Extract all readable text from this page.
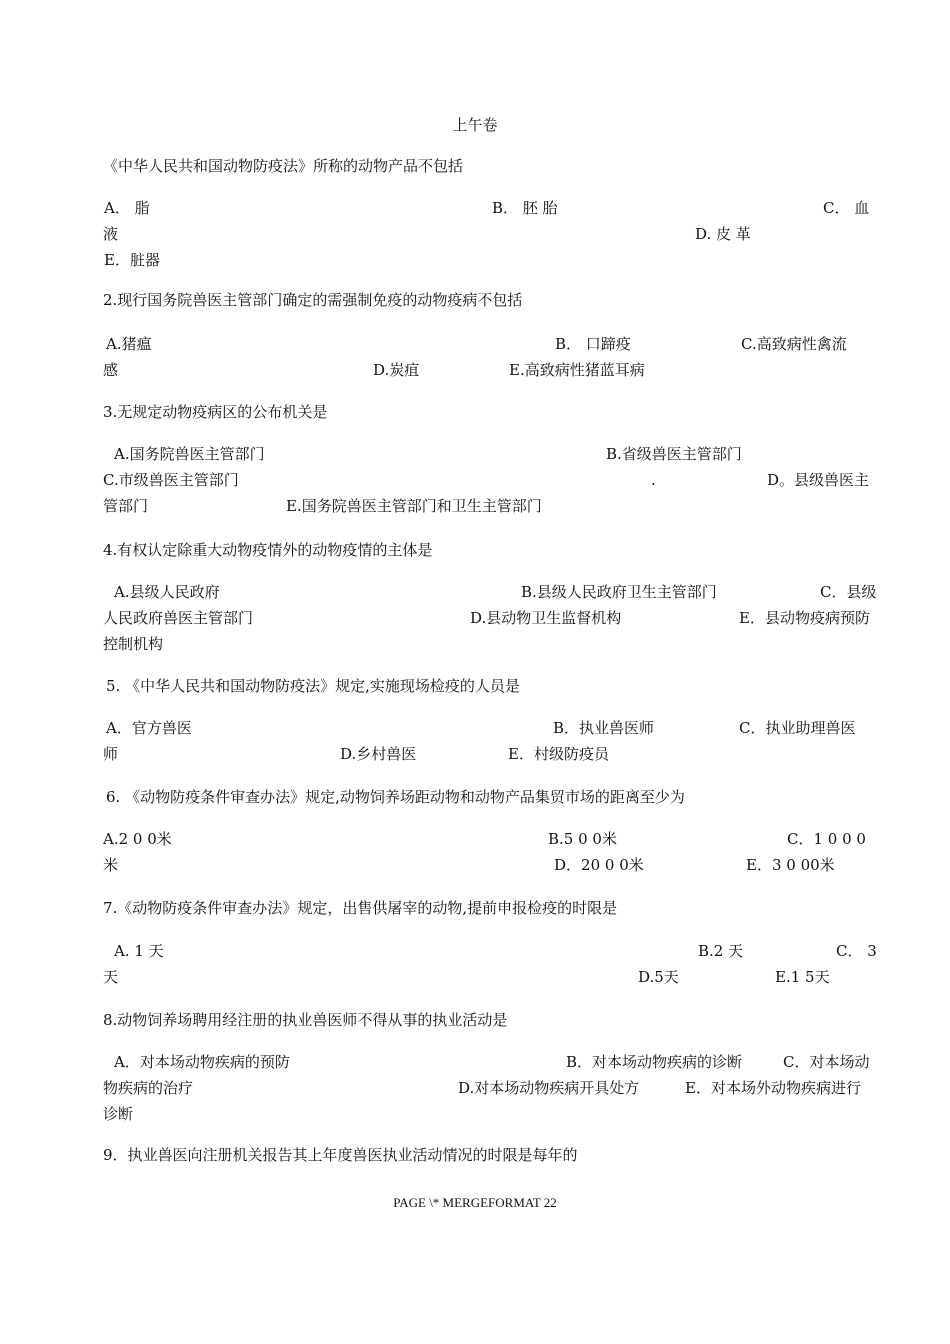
上午卷
《中华人民共和国动物防疫法》所称的动物产品不包括
A． 脂	B． 胚 胎	C． 血
液	D. 皮 革
E．脏器
2.现行国务院兽医主管部门确定的需强制免疫的动物疫病不包括
A.猪瘟	B． 口蹄疫	C.高致病性禽流
感	D.炭疽	E.高致病性猪蓝耳病
3.无规定动物疫病区的公布机关是
A.国务院兽医主管部门	B.省级兽医主管部门
C.市级兽医主管部门	.	D。县级兽医主
管部门	E.国务院兽医主管部门和卫生主管部门
4.有权认定除重大动物疫情外的动物疫情的主体是
A.县级人民政府	B.县级人民政府卫生主管部门	C．县级
人民政府兽医主管部门	D.县动物卫生监督机构	E．县动物疫病预防
控制机构
5. 《中华人民共和国动物防疫法》规定,实施现场检疫的人员是
A．官方兽医	B．执业兽医师	C．执业助理兽医
师	D.乡村兽医	E．村级防疫员
6. 《动物防疫条件审查办法》规定,动物饲养场距动物和动物产品集贸市场的距离至少为
A.2 0 0米	B.5 0 0米	C．1 0 0 0
米	D．20 0 0米	E．3 0 00米
7.《动物防疫条件审查办法》规定，出售供屠宰的动物,提前申报检疫的时限是
A. 1 天	B.2 天	C． 3
天	D.5天	E.1 5天
8.动物饲养场聘用经注册的执业兽医师不得从事的执业活动是
A．对本场动物疾病的预防	B．对本场动物疾病的诊断	C．对本场动
物疾病的治疗	D.对本场动物疾病开具处方	E．对本场外动物疾病进行
诊断
9．执业兽医向注册机关报告其上年度兽医执业活动情况的时限是每年的
PAGE \* MERGEFORMAT 22
